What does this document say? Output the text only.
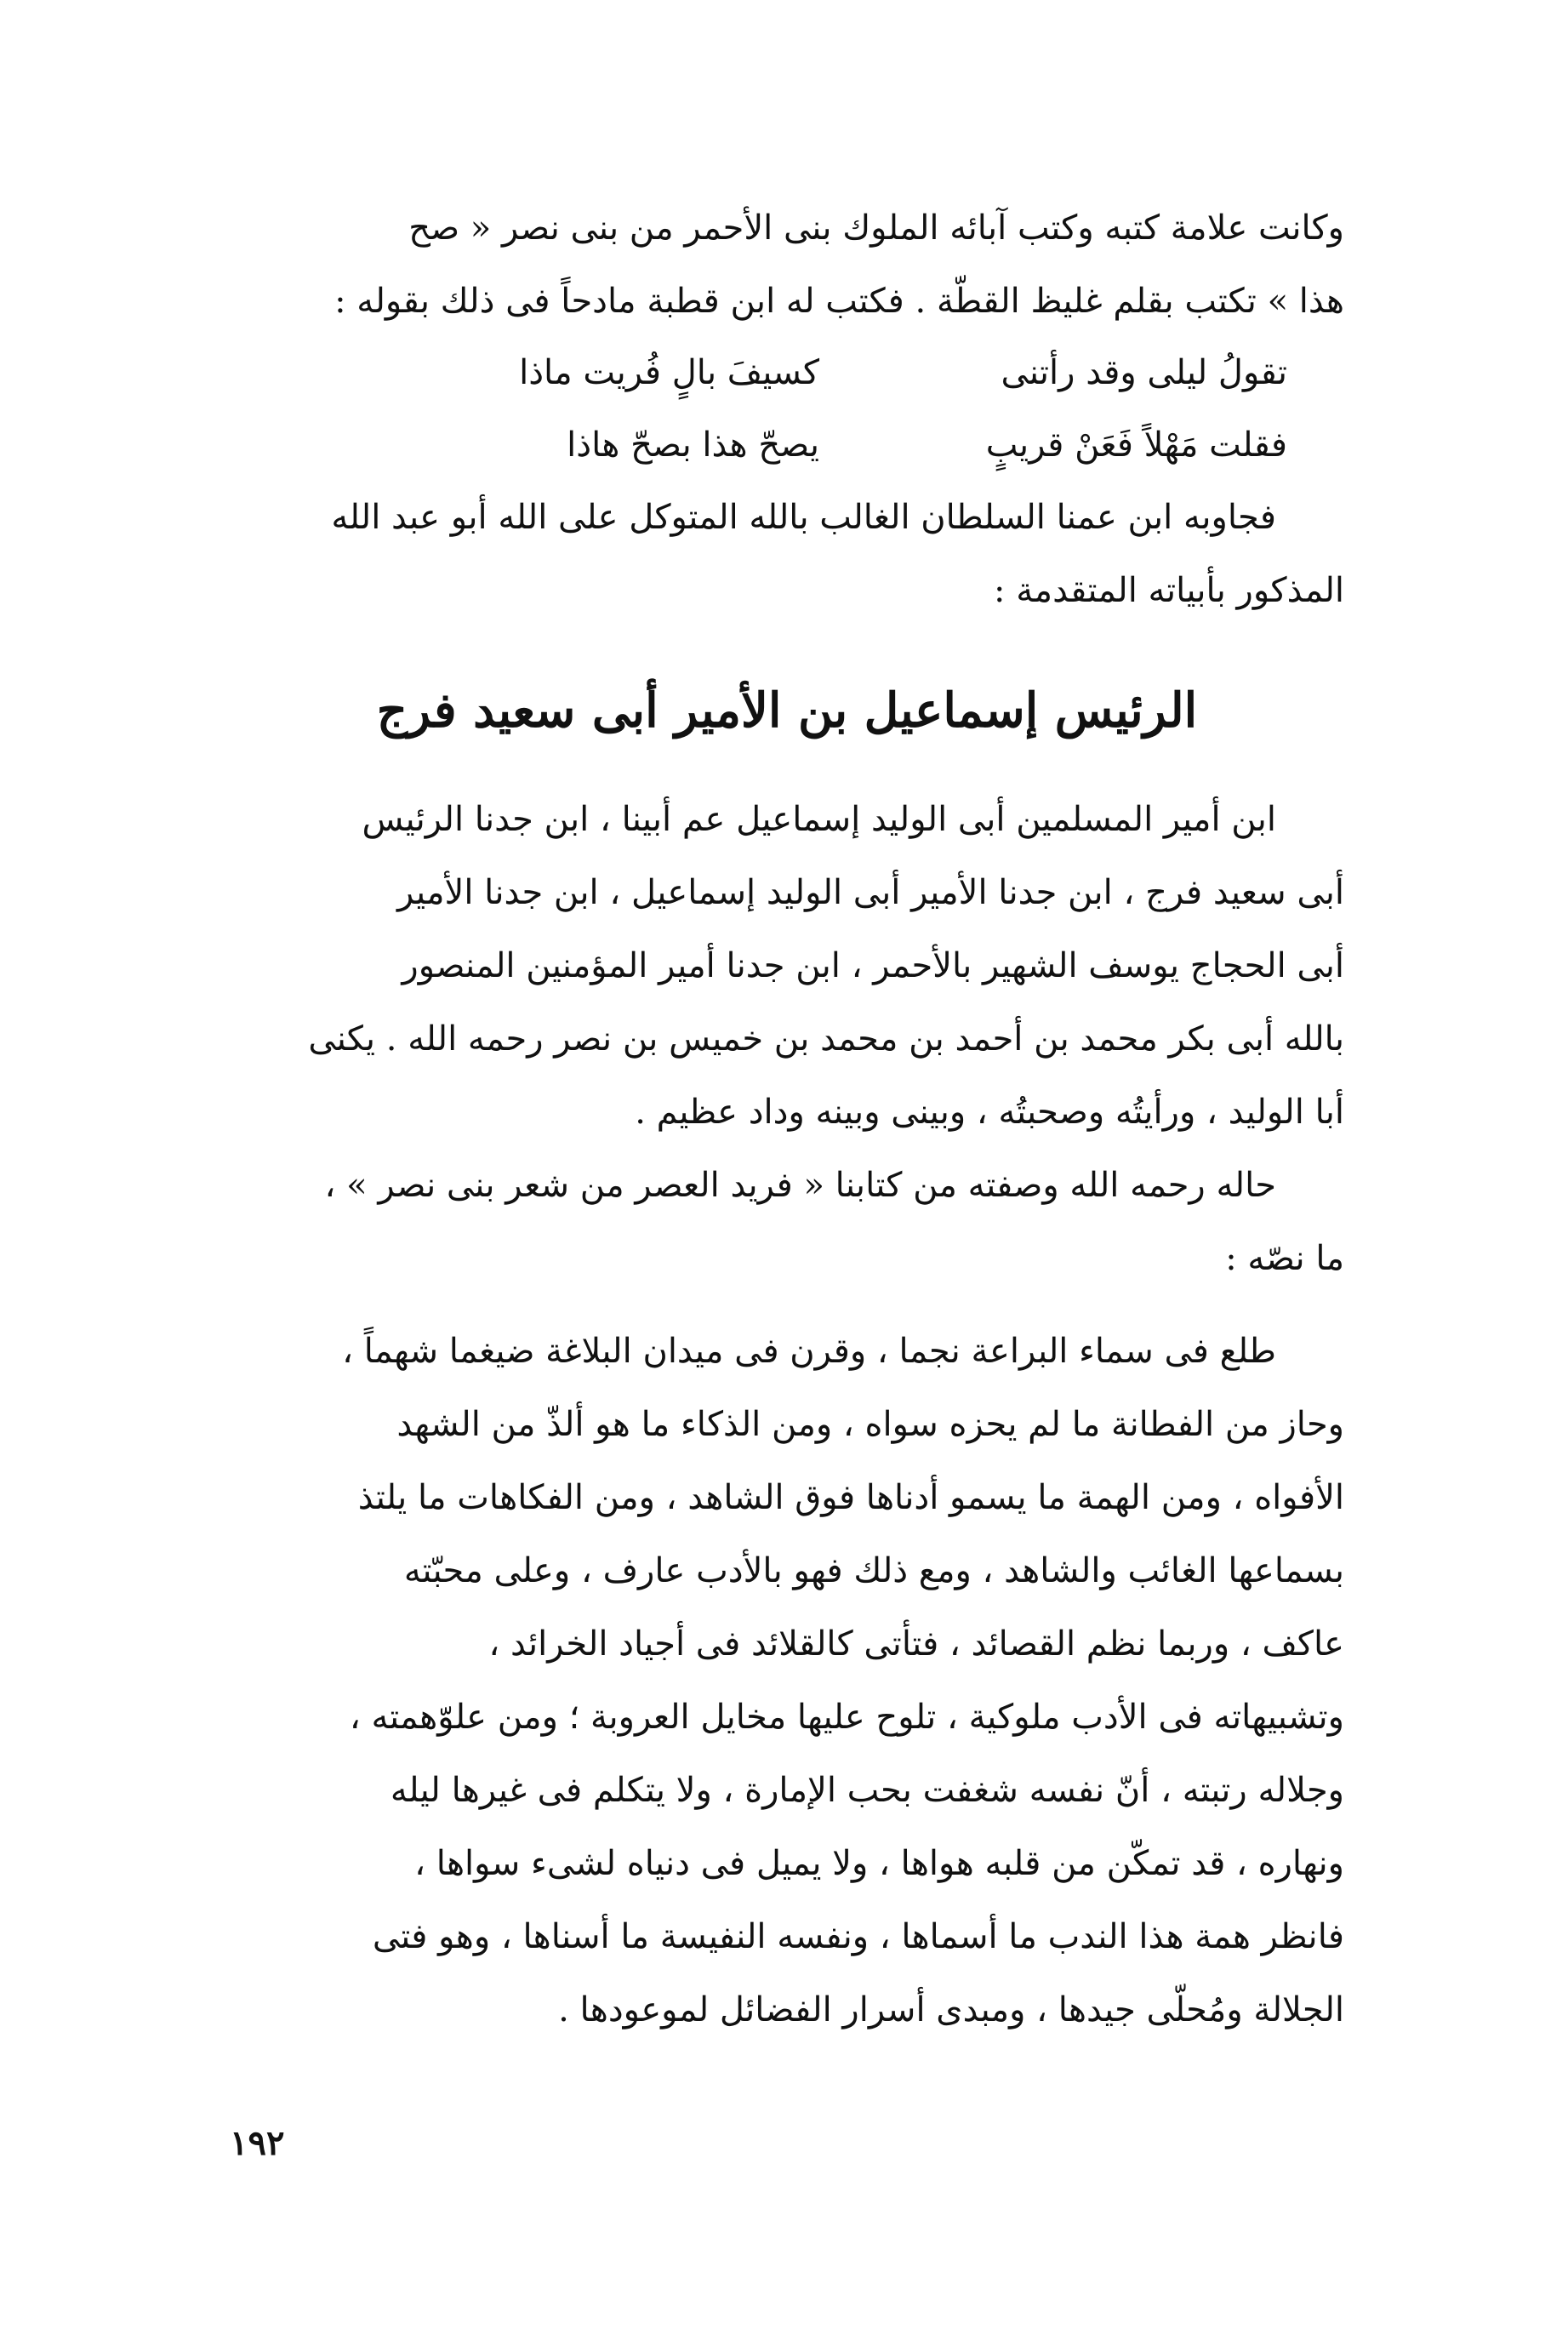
وكانت علامة كتبه وكتب آبائه الملوك بنى الأحمر من بنى نصر « صح

هذا » تكتب بقلم غليظ القطّة . فكتب له ابن قطبة مادحاً فى ذلك بقوله :

تقولُ ليلى وقد رأتنى
كسيفَ بالٍ فُريت ماذا
فقلت مَهْلاً فَعَنْ قريبٍ
يصحّ هذا بصحّ هاذا

فجاوبه ابن عمنا السلطان الغالب بالله المتوكل على الله أبو عبد الله

المذكور بأبياته المتقدمة :

الرئيس إسماعيل بن الأمير أبى سعيد فرج

ابن أمير المسلمين أبى الوليد إسماعيل عم أبينا ، ابن جدنا الرئيس

أبى سعيد فرج ، ابن جدنا الأمير أبى الوليد إسماعيل ، ابن جدنا الأمير

أبى الحجاج يوسف الشهير بالأحمر ، ابن جدنا أمير المؤمنين المنصور

بالله أبى بكر محمد بن أحمد بن محمد بن خميس بن نصر رحمه الله . يكنى

أبا الوليد ، ورأيتُه وصحبتُه ، وبينى وبينه وداد عظيم .

حاله رحمه الله وصفته من كتابنا « فريد العصر من شعر بنى نصر » ،

ما نصّه :

طلع فى سماء البراعة نجما ، وقرن فى ميدان البلاغة ضيغما شهماً ،

وحاز من الفطانة ما لم يحزه سواه ، ومن الذكاء ما هو ألذّ من الشهد

الأفواه ، ومن الهمة ما يسمو أدناها فوق الشاهد ، ومن الفكاهات ما يلتذ

بسماعها الغائب والشاهد ، ومع ذلك فهو بالأدب عارف ، وعلى محبّته

عاكف ، وربما نظم القصائد ، فتأتى كالقلائد فى أجياد الخرائد ،

وتشبيهاته فى الأدب ملوكية ، تلوح عليها مخايل العروبة ؛ ومن علوّهمته ،

وجلاله رتبته ، أنّ نفسه شغفت بحب الإمارة ، ولا يتكلم فى غيرها ليله

ونهاره ، قد تمكّن من قلبه هواها ، ولا يميل فى دنياه لشىء سواها ،

فانظر همة هذا الندب ما أسماها ، ونفسه النفيسة ما أسناها ، وهو فتى

الجلالة ومُحلّى جيدها ، ومبدى أسرار الفضائل لموعودها .

١٩٢
